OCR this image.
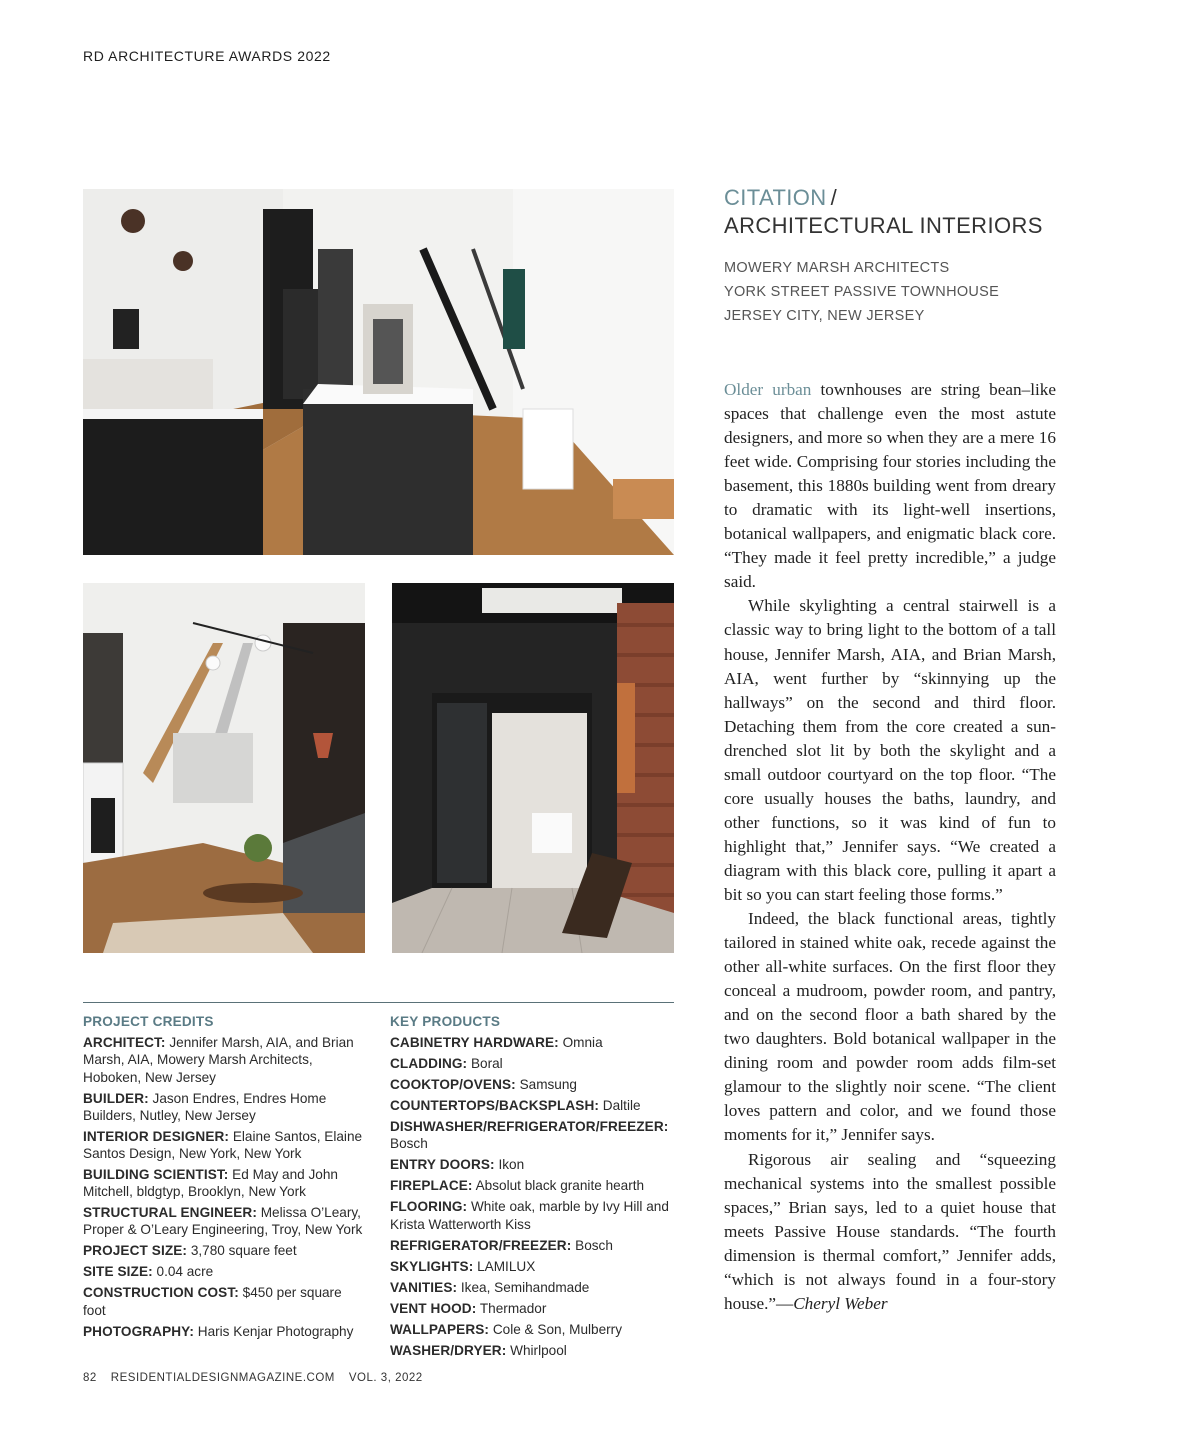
RD ARCHITECTURE AWARDS 2022
CITATION /
ARCHITECTURAL INTERIORS
MOWERY MARSH ARCHITECTS
YORK STREET PASSIVE TOWNHOUSE
JERSEY CITY, NEW JERSEY

Older urban townhouses are string bean–like spaces that challenge even the most astute designers, and more so when they are a mere 16 feet wide. Comprising four stories including the basement, this 1880s building went from dreary to dramatic with its light-well insertions, botanical wallpapers, and enigmatic black core. “They made it feel pretty incredible,” a judge said.

While skylighting a central stairwell is a classic way to bring light to the bottom of a tall house, Jennifer Marsh, AIA, and Brian Marsh, AIA, went further by “skinnying up the hallways” on the second and third floor. Detaching them from the core created a sun-drenched slot lit by both the skylight and a small outdoor courtyard on the top floor. “The core usually houses the baths, laundry, and other functions, so it was kind of fun to highlight that,” Jennifer says. “We created a diagram with this black core, pulling it apart a bit so you can start feeling those forms.”

Indeed, the black functional areas, tightly tailored in stained white oak, recede against the other all-white surfaces. On the first floor they conceal a mudroom, powder room, and pantry, and on the second floor a bath shared by the two daughters. Bold botanical wallpaper in the dining room and powder room adds film-set glamour to the slightly noir scene. “The client loves pattern and color, and we found those moments for it,” Jennifer says.

Rigorous air sealing and “squeezing mechanical systems into the smallest possible spaces,” Brian says, led to a quiet house that meets Passive House standards. “The fourth dimension is thermal comfort,” Jennifer adds, “which is not always found in a four-story house.”—Cheryl Weber

PROJECT CREDITS
ARCHITECT: Jennifer Marsh, AIA, and Brian Marsh, AIA, Mowery Marsh Architects, Hoboken, New Jersey
BUILDER: Jason Endres, Endres Home Builders, Nutley, New Jersey
INTERIOR DESIGNER: Elaine Santos, Elaine Santos Design, New York, New York
BUILDING SCIENTIST: Ed May and John Mitchell, bldgtyp, Brooklyn, New York
STRUCTURAL ENGINEER: Melissa O’Leary, Proper & O’Leary Engineering, Troy, New York
PROJECT SIZE: 3,780 square feet
SITE SIZE: 0.04 acre
CONSTRUCTION COST: $450 per square foot
PHOTOGRAPHY: Haris Kenjar Photography
KEY PRODUCTS
CABINETRY HARDWARE: Omnia
CLADDING: Boral
COOKTOP/OVENS: Samsung
COUNTERTOPS/BACKSPLASH: Daltile
DISHWASHER/REFRIGERATOR/FREEZER: Bosch
ENTRY DOORS: Ikon
FIREPLACE: Absolut black granite hearth
FLOORING: White oak, marble by Ivy Hill and Krista Watterworth Kiss
REFRIGERATOR/FREEZER: Bosch
SKYLIGHTS: LAMILUX
VANITIES: Ikea, Semihandmade
VENT HOOD: Thermador
WALLPAPERS: Cole & Son, Mulberry
WASHER/DRYER: Whirlpool
82 RESIDENTIALDESIGNMAGAZINE.COM VOL. 3, 2022
